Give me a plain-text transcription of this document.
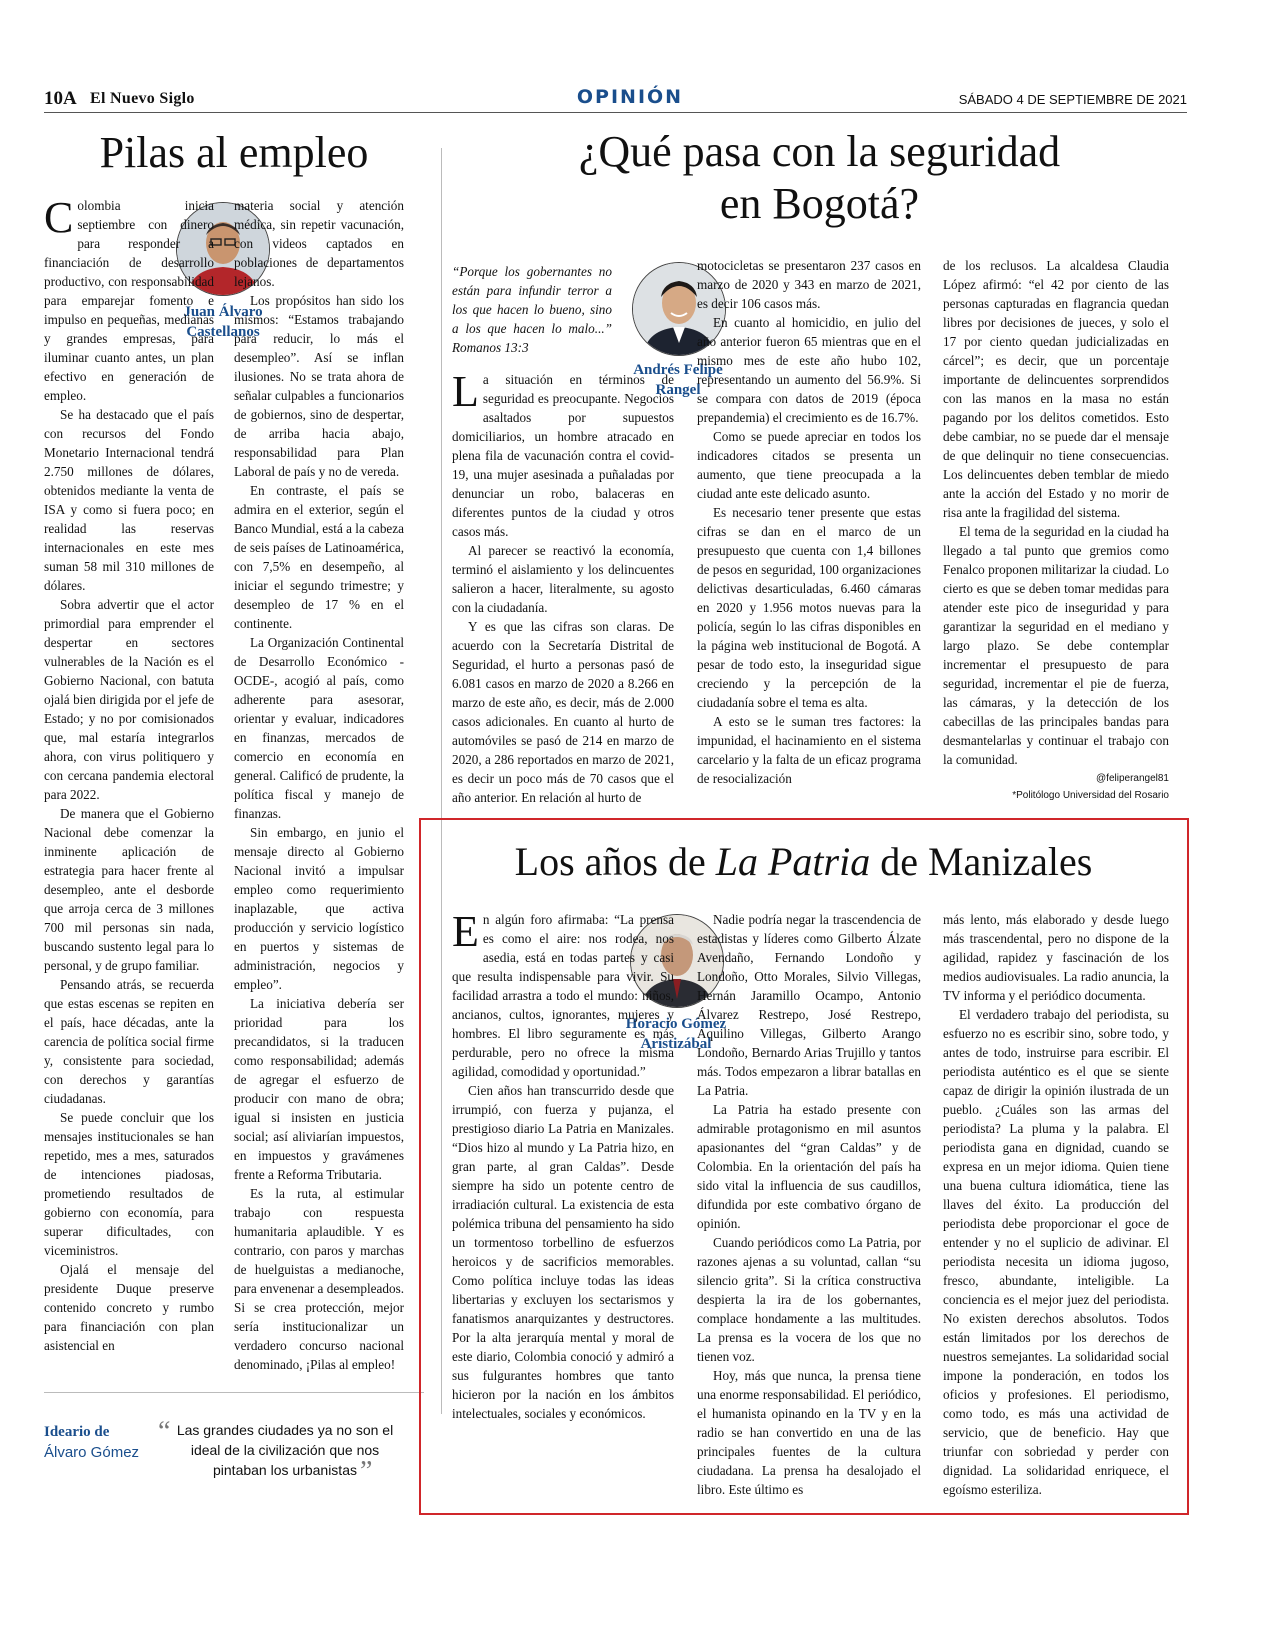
10A El Nuevo Siglo	OPINIÓN	SÁBADO 4 DE SEPTIEMBRE DE 2021
Pilas al empleo
Juan Álvaro Castellanos

Colombia inicia septiembre con dinero para responder a financiación de desarrollo productivo, con responsabilidad para emparejar fomento e impulso en pequeñas, medianas y grandes empresas, para iluminar cuanto antes, un plan efectivo en generación de empleo.

Se ha destacado que el país con recursos del Fondo Monetario Internacional tendrá 2.750 millones de dólares, obtenidos mediante la venta de ISA y como si fuera poco; en realidad las reservas internacionales en este mes suman 58 mil 310 millones de dólares.

Sobra advertir que el actor primordial para emprender el despertar en sectores vulnerables de la Nación es el Gobierno Nacional, con batuta ojalá bien dirigida por el jefe de Estado; y no por comisionados que, mal estaría integrarlos ahora, con virus politiquero y con cercana pandemia electoral para 2022.

De manera que el Gobierno Nacional debe comenzar la inminente aplicación de estrategia para hacer frente al desempleo, ante el desborde que arroja cerca de 3 millones 700 mil personas sin nada, buscando sustento legal para lo personal, y de grupo familiar.

Pensando atrás, se recuerda que estas escenas se repiten en el país, hace décadas, ante la carencia de política social firme y, consistente para sociedad, con derechos y garantías ciudadanas.

Se puede concluir que los mensajes institucionales se han repetido, mes a mes, saturados de intenciones piadosas, prometiendo resultados de gobierno con economía, para superar dificultades, con viceministros.

Ojalá el mensaje del presidente Duque preserve contenido concreto y rumbo para financiación con plan asistencial en

materia social y atención médica, sin repetir vacunación, con videos captados en poblaciones de departamentos lejanos.

Los propósitos han sido los mismos: “Estamos trabajando para reducir, lo más el desempleo”. Así se inflan ilusiones. No se trata ahora de señalar culpables a funcionarios de gobiernos, sino de despertar, de arriba hacia abajo, responsabilidad para Plan Laboral de país y no de vereda.

En contraste, el país se admira en el exterior, según el Banco Mundial, está a la cabeza de seis países de Latinoamérica, con 7,5% en desempeño, al iniciar el segundo trimestre; y desempleo de 17 % en el continente.

La Organización Continental de Desarrollo Económico -OCDE-, acogió al país, como adherente para asesorar, orientar y evaluar, indicadores en finanzas, mercados de comercio en economía en general. Calificó de prudente, la política fiscal y manejo de finanzas.

Sin embargo, en junio el mensaje directo al Gobierno Nacional invitó a impulsar empleo como requerimiento inaplazable, que activa producción y servicio logístico en puertos y sistemas de administración, negocios y empleo”.

La iniciativa debería ser prioridad para los precandidatos, si la traducen como responsabilidad; además de agregar el esfuerzo de producir con mano de obra; igual si insisten en justicia social; así aliviarían impuestos, en impuestos y gravámenes frente a Reforma Tributaria.

Es la ruta, al estimular trabajo con respuesta humanitaria aplaudible. Y es contrario, con paros y marchas de huelguistas a medianoche, para envenenar a desempleados. Si se crea protección, mejor sería institucionalizar un verdadero concurso nacional denominado, ¡Pilas al empleo!

Ideario de
Álvaro Gómez
“ Las grandes ciudades ya no son el ideal de la civilización que nos pintaban los urbanistas ”
¿Qué pasa con la seguridad
en Bogotá?
“Porque los gobernantes no están para infundir terror a los que hacen lo bueno, sino a los que hacen lo malo...” Romanos 13:3
Andrés Felipe Rangel

La situación en términos de seguridad es preocupante. Negocios asaltados por supuestos domiciliarios, un hombre atracado en plena fila de vacunación contra el covid-19, una mujer asesinada a puñaladas por denunciar un robo, balaceras en diferentes puntos de la ciudad y otros casos más.

Al parecer se reactivó la economía, terminó el aislamiento y los delincuentes salieron a hacer, literalmente, su agosto con la ciudadanía.

Y es que las cifras son claras. De acuerdo con la Secretaría Distrital de Seguridad, el hurto a personas pasó de 6.081 casos en marzo de 2020 a 8.266 en marzo de este año, es decir, más de 2.000 casos adicionales. En cuanto al hurto de automóviles se pasó de 214 en marzo de 2020, a 286 reportados en marzo de 2021, es decir un poco más de 70 casos que el año anterior. En relación al hurto de

motocicletas se presentaron 237 casos en marzo de 2020 y 343 en marzo de 2021, es decir 106 casos más.

En cuanto al homicidio, en julio del año anterior fueron 65 mientras que en el mismo mes de este año hubo 102, representando un aumento del 56.9%. Si se compara con datos de 2019 (época prepandemia) el crecimiento es de 16.7%.

Como se puede apreciar en todos los indicadores citados se presenta un aumento, que tiene preocupada a la ciudad ante este delicado asunto.

Es necesario tener presente que estas cifras se dan en el marco de un presupuesto que cuenta con 1,4 billones de pesos en seguridad, 100 organizaciones delictivas desarticuladas, 6.460 cámaras en 2020 y 1.956 motos nuevas para la policía, según lo las cifras disponibles en la página web institucional de Bogotá. A pesar de todo esto, la inseguridad sigue creciendo y la percepción de la ciudadanía sobre el tema es alta.

A esto se le suman tres factores: la impunidad, el hacinamiento en el sistema carcelario y la falta de un eficaz programa de resocialización

de los reclusos. La alcaldesa Claudia López afirmó: “el 42 por ciento de las personas capturadas en flagrancia quedan libres por decisiones de jueces, y solo el 17 por ciento quedan judicializadas en cárcel”; es decir, que un porcentaje importante de delincuentes sorprendidos con las manos en la masa no están pagando por los delitos cometidos. Esto debe cambiar, no se puede dar el mensaje de que delinquir no tiene consecuencias. Los delincuentes deben temblar de miedo ante la acción del Estado y no morir de risa ante la fragilidad del sistema.

El tema de la seguridad en la ciudad ha llegado a tal punto que gremios como Fenalco proponen militarizar la ciudad. Lo cierto es que se deben tomar medidas para atender este pico de inseguridad y para garantizar la seguridad en el mediano y largo plazo. Se debe contemplar incrementar el presupuesto de para seguridad, incrementar el pie de fuerza, las cámaras, y la detección de los cabecillas de las principales bandas para desmantelarlas y continuar el trabajo con la comunidad.

@feliperangel81
*Politólogo Universidad del Rosario
Los años de La Patria de Manizales
Horacio Gómez Aristizábal

En algún foro afirmaba: “La prensa es como el aire: nos rodea, nos asedia, está en todas partes y casi que resulta indispensable para vivir. Su facilidad arrastra a todo el mundo: niños, ancianos, cultos, ignorantes, mujeres y hombres. El libro seguramente es más perdurable, pero no ofrece la misma agilidad, comodidad y oportunidad.”

Cien años han transcurrido desde que irrumpió, con fuerza y pujanza, el prestigioso diario La Patria en Manizales. “Dios hizo al mundo y La Patria hizo, en gran parte, al gran Caldas”. Desde siempre ha sido un potente centro de irradiación cultural. La existencia de esta polémica tribuna del pensamiento ha sido un tormentoso torbellino de esfuerzos heroicos y de sacrificios memorables. Como política incluye todas las ideas libertarias y excluyen los sectarismos y fanatismos anarquizantes y destructores. Por la alta jerarquía mental y moral de este diario, Colombia conoció y admiró a sus fulgurantes hombres que tanto hicieron por la nación en los ámbitos intelectuales, sociales y económicos.

Nadie podría negar la trascendencia de estadistas y líderes como Gilberto Álzate Avendaño, Fernando Londoño y Londoño, Otto Morales, Silvio Villegas, Hernán Jaramillo Ocampo, Antonio Álvarez Restrepo, José Restrepo, Aquilino Villegas, Gilberto Arango Londoño, Bernardo Arias Trujillo y tantos más. Todos empezaron a librar batallas en La Patria.

La Patria ha estado presente con admirable protagonismo en mil asuntos apasionantes del “gran Caldas” y de Colombia. En la orientación del país ha sido vital la influencia de sus caudillos, difundida por este combativo órgano de opinión.

Cuando periódicos como La Patria, por razones ajenas a su voluntad, callan “su silencio grita”. Si la crítica constructiva despierta la ira de los gobernantes, complace hondamente a las multitudes. La prensa es la vocera de los que no tienen voz.

Hoy, más que nunca, la prensa tiene una enorme responsabilidad. El periódico, el humanista opinando en la TV y en la radio se han convertido en una de las principales fuentes de la cultura ciudadana. La prensa ha desalojado el libro. Este último es

más lento, más elaborado y desde luego más trascendental, pero no dispone de la agilidad, rapidez y fascinación de los medios audiovisuales. La radio anuncia, la TV informa y el periódico documenta.

El verdadero trabajo del periodista, su esfuerzo no es escribir sino, sobre todo, y antes de todo, instruirse para escribir. El periodista auténtico es el que se siente capaz de dirigir la opinión ilustrada de un pueblo. ¿Cuáles son las armas del periodista? La pluma y la palabra. El periodista gana en dignidad, cuando se expresa en un mejor idioma. Quien tiene una buena cultura idiomática, tiene las llaves del éxito. La producción del periodista debe proporcionar el goce de entender y no el suplicio de adivinar. El periodista necesita un idioma jugoso, fresco, abundante, inteligible. La conciencia es el mejor juez del periodista. No existen derechos absolutos. Todos están limitados por los derechos de nuestros semejantes. La solidaridad social impone la ponderación, en todos los oficios y profesiones. El periodismo, como todo, es más una actividad de servicio, que de beneficio. Hay que triunfar con sobriedad y perder con dignidad. La solidaridad enriquece, el egoísmo esteriliza.
